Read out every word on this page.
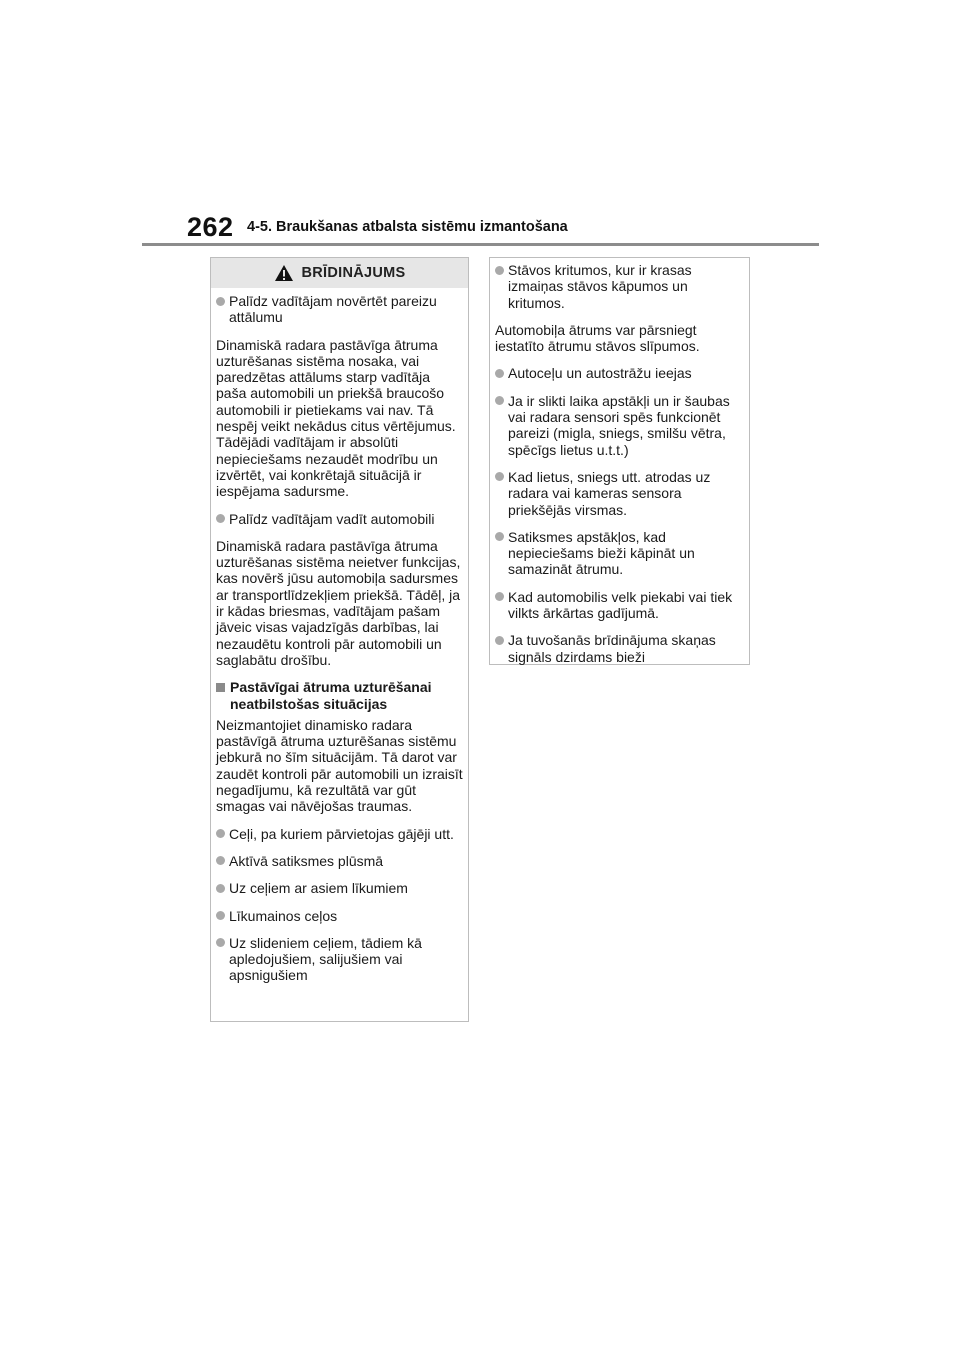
262 4-5. Braukšanas atbalsta sistēmu izmantošana
BRĪDINĀJUMS
Palīdz vadītājam novērtēt pareizu attālumu

Dinamiskā radara pastāvīga ātruma uzturēšanas sistēma nosaka, vai paredzētas attālums starp vadītāja paša automobili un priekšā braucošo automobili ir pietiekams vai nav. Tā nespēj veikt nekādus citus vērtējumus. Tādējādi vadītājam ir absolūti nepieciešams nezaudēt modrību un izvērtēt, vai konkrētajā situācijā ir iespējama sadursme.

Palīdz vadītājam vadīt automobili

Dinamiskā radara pastāvīga ātruma uzturēšanas sistēma neietver funkcijas, kas novērš jūsu automobiļa sadursmes ar transportlīdzekļiem priekšā. Tādēļ, ja ir kādas briesmas, vadītājam pašam jāveic visas vajadzīgās darbības, lai nezaudētu kontroli pār automobili un saglabātu drošību.

Pastāvīgai ātruma uzturēšanai neatbilstošas situācijas

Neizmantojiet dinamisko radara pastāvīgā ātruma uzturēšanas sistēmu jebkurā no šīm situācijām. Tā darot var zaudēt kontroli pār automobili un izraisīt negadījumu, kā rezultātā var gūt smagas vai nāvējošas traumas.

Ceļi, pa kuriem pārvietojas gājēji utt.
Aktīvā satiksmes plūsmā
Uz ceļiem ar asiem līkumiem
Līkumainos ceļos
Uz slideniem ceļiem, tādiem kā apledojušiem, salijušiem vai apsnigušiem
Stāvos kritumos, kur ir krasas izmaiņas stāvos kāpumos un kritumos.

Automobiļa ātrums var pārsniegt iestatīto ātrumu stāvos slīpumos.

Autoceļu un autostrāžu ieejas
Ja ir slikti laika apstākļi un ir šaubas vai radara sensori spēs funkcionēt pareizi (migla, sniegs, smilšu vētra, spēcīgs lietus u.t.t.)
Kad lietus, sniegs utt. atrodas uz radara vai kameras sensora priekšējās virsmas.
Satiksmes apstākļos, kad nepieciešams bieži kāpināt un samazināt ātrumu.
Kad automobilis velk piekabi vai tiek vilkts ārkārtas gadījumā.
Ja tuvošanās brīdinājuma skaņas signāls dzirdams bieži
